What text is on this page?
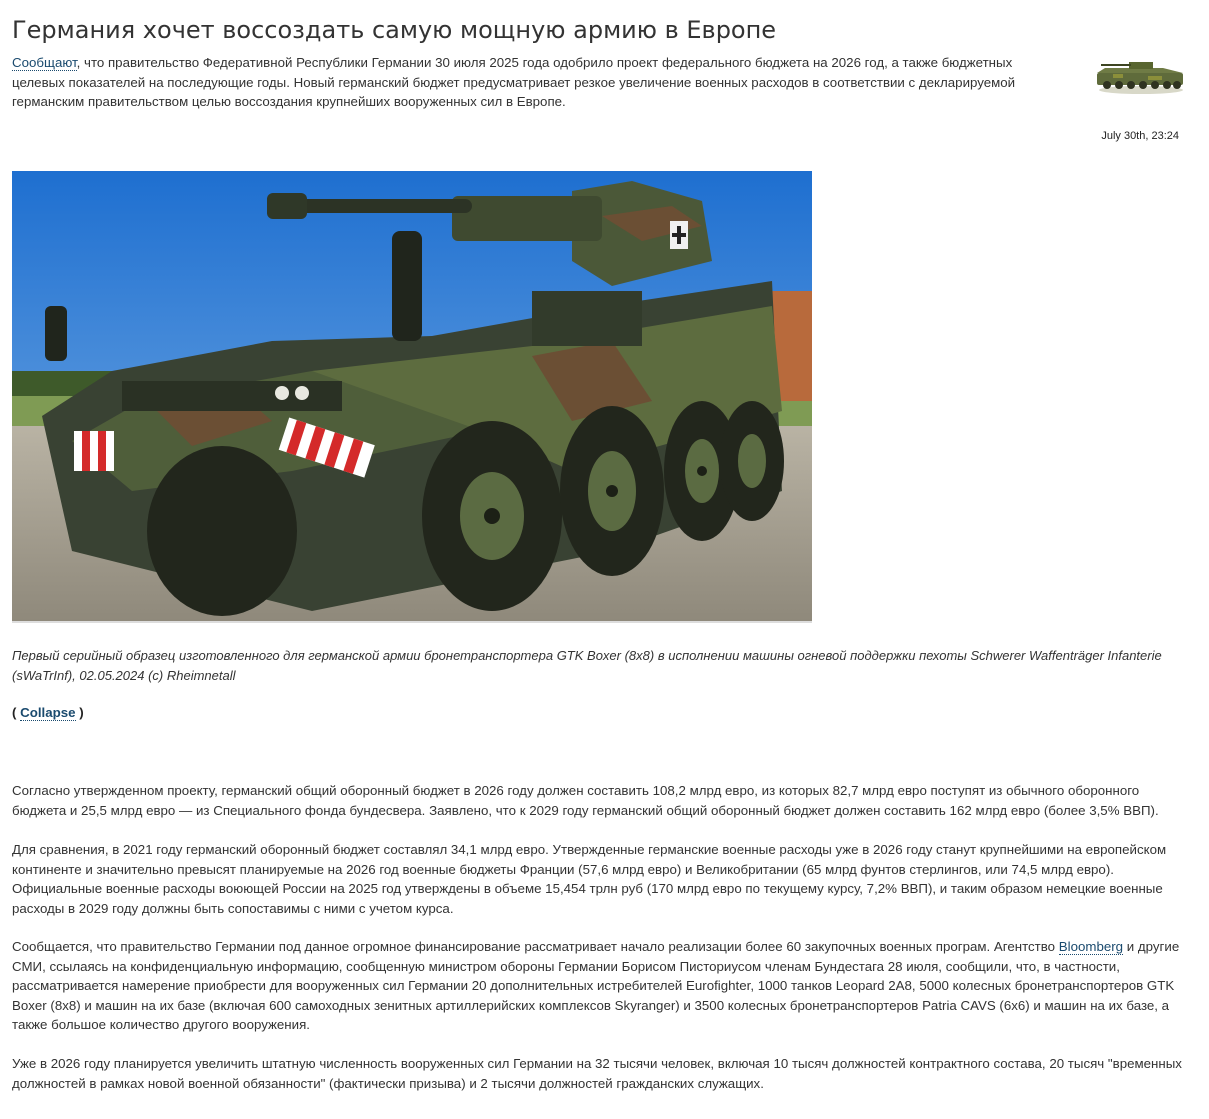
Германия хочет воссоздать самую мощную армию в Европе

Сообщают, что правительство Федеративной Республики Германии 30 июля 2025 года одобрило проект федерального бюджета на 2026 год, а также бюджетных целевых показателей на последующие годы. Новый германский бюджет предусматривает резкое увеличение военных расходов в соответствии с декларируемой германским правительством целью воссоздания крупнейших вооруженных сил в Европе.

July 30th, 23:24

Первый серийный образец изготовленного для германской армии бронетранспортера GTK Boxer (8x8) в исполнении машины огневой поддержки пехоты Schwerer Waffenträger Infanterie (sWaTrInf), 02.05.2024 (c) Rheimnetall

( Collapse )

Согласно утвержденном проекту, германский общий оборонный бюджет в 2026 году должен составить 108,2 млрд евро, из которых 82,7 млрд евро поступят из обычного оборонного бюджета и 25,5 млрд евро — из Специального фонда бундесвера. Заявлено, что к 2029 году германский общий оборонный бюджет должен составить 162 млрд евро (более 3,5% ВВП).

Для сравнения, в 2021 году германский оборонный бюджет составлял 34,1 млрд евро. Утвержденные германские военные расходы уже в 2026 году станут крупнейшими на европейском континенте и значительно превысят планируемые на 2026 год военные бюджеты Франции (57,6 млрд евро) и Великобритании (65 млрд фунтов стерлингов, или 74,5 млрд евро). Официальные военные расходы воюющей России на 2025 год утверждены в объеме 15,454 трлн руб (170 млрд евро по текущему курсу, 7,2% ВВП), и таким образом немецкие военные расходы в 2029 году должны быть сопоставимы с ними с учетом курса.

Сообщается, что правительство Германии под данное огромное финансирование рассматривает начало реализации более 60 закупочных военных програм. Агентство Bloomberg и другие СМИ, ссылаясь на конфиденциальную информацию, сообщенную министром обороны Германии Борисом Писториусом членам Бундестага 28 июля, сообщили, что, в частности, рассматривается намерение приобрести для вооруженных сил Германии 20 дополнительных истребителей Eurofighter, 1000 танков Leopard 2A8, 5000 колесных бронетранспортеров GTK Boxer (8x8) и машин на их базе (включая 600 самоходных зенитных артиллерийских комплексов Skyranger) и 3500 колесных бронетранспортеров Patria CAVS (6x6) и машин на их базе, а также большое количество другого вооружения.

Уже в 2026 году планируется увеличить штатную численность вооруженных сил Германии на 32 тысячи человек, включая 10 тысяч должностей контрактного состава, 20 тысяч "временных должностей в рамках новой военной обязанности" (фактически призыва) и 2 тысячи должностей гражданских служащих.
